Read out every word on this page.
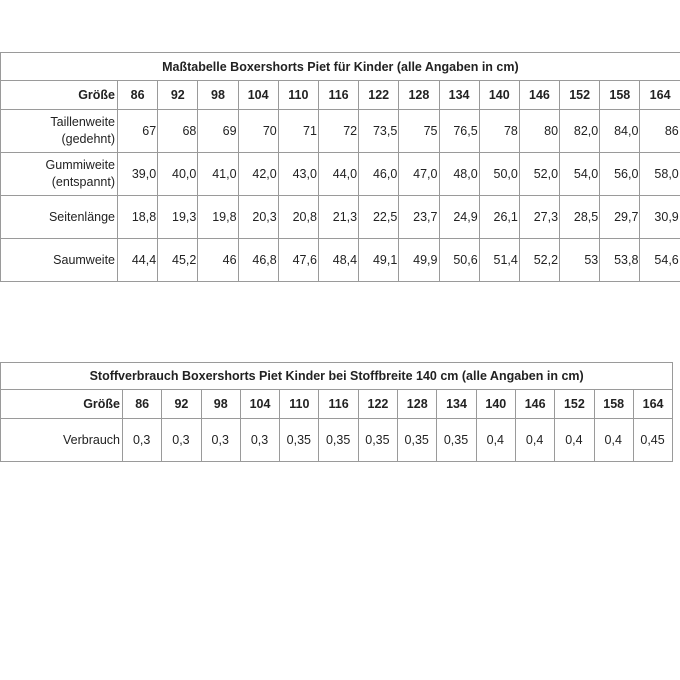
Maßtabelle Boxershorts Piet für Kinder (alle Angaben in cm)														
Größe	86	92	98	104	110	116	122	128	134	140	146	152	158	164
Taillenweite (gedehnt)	67	68	69	70	71	72	73,5	75	76,5	78	80	82,0	84,0	86
Gummiweite (entspannt)	39,0	40,0	41,0	42,0	43,0	44,0	46,0	47,0	48,0	50,0	52,0	54,0	56,0	58,0
Seitenlänge	18,8	19,3	19,8	20,3	20,8	21,3	22,5	23,7	24,9	26,1	27,3	28,5	29,7	30,9
Saumweite	44,4	45,2	46	46,8	47,6	48,4	49,1	49,9	50,6	51,4	52,2	53	53,8	54,6
Stoffverbrauch Boxershorts Piet Kinder bei Stoffbreite 140 cm (alle Angaben in cm)														
Größe	86	92	98	104	110	116	122	128	134	140	146	152	158	164
Verbrauch	0,3	0,3	0,3	0,3	0,35	0,35	0,35	0,35	0,35	0,4	0,4	0,4	0,4	0,45
